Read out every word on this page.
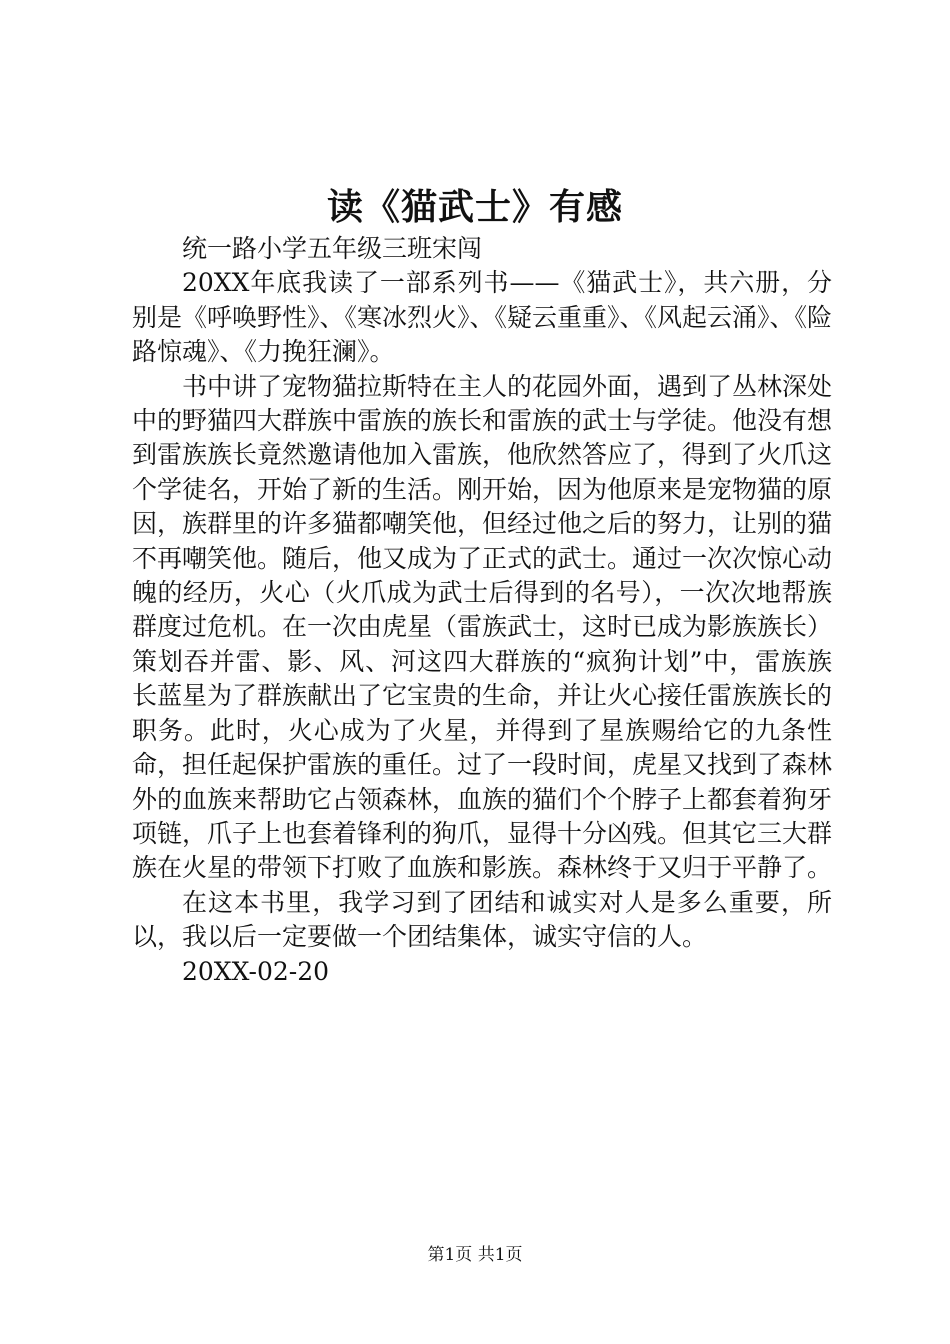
读《猫武士》有感

统一路小学五年级三班宋闯

20XX年底我读了一部系列书——《猫武士》，共六册，分别是《呼唤野性》、《寒冰烈火》、《疑云重重》、《风起云涌》、《险路惊魂》、《力挽狂澜》。

书中讲了宠物猫拉斯特在主人的花园外面，遇到了丛林深处中的野猫四大群族中雷族的族长和雷族的武士与学徒。他没有想到雷族族长竟然邀请他加入雷族，他欣然答应了，得到了火爪这个学徒名，开始了新的生活。刚开始，因为他原来是宠物猫的原因，族群里的许多猫都嘲笑他，但经过他之后的努力，让别的猫不再嘲笑他。随后，他又成为了正式的武士。通过一次次惊心动魄的经历，火心（火爪成为武士后得到的名号），一次次地帮族群度过危机。在一次由虎星（雷族武士，这时已成为影族族长）策划吞并雷、影、风、河这四大群族的“疯狗计划”中，雷族族长蓝星为了群族献出了它宝贵的生命，并让火心接任雷族族长的职务。此时，火心成为了火星，并得到了星族赐给它的九条性命，担任起保护雷族的重任。过了一段时间，虎星又找到了森林外的血族来帮助它占领森林，血族的猫们个个脖子上都套着狗牙项链，爪子上也套着锋利的狗爪，显得十分凶残。但其它三大群族在火星的带领下打败了血族和影族。森林终于又归于平静了。

在这本书里，我学习到了团结和诚实对人是多么重要，所以，我以后一定要做一个团结集体，诚实守信的人。

20XX-02-20

第1页 共1页
